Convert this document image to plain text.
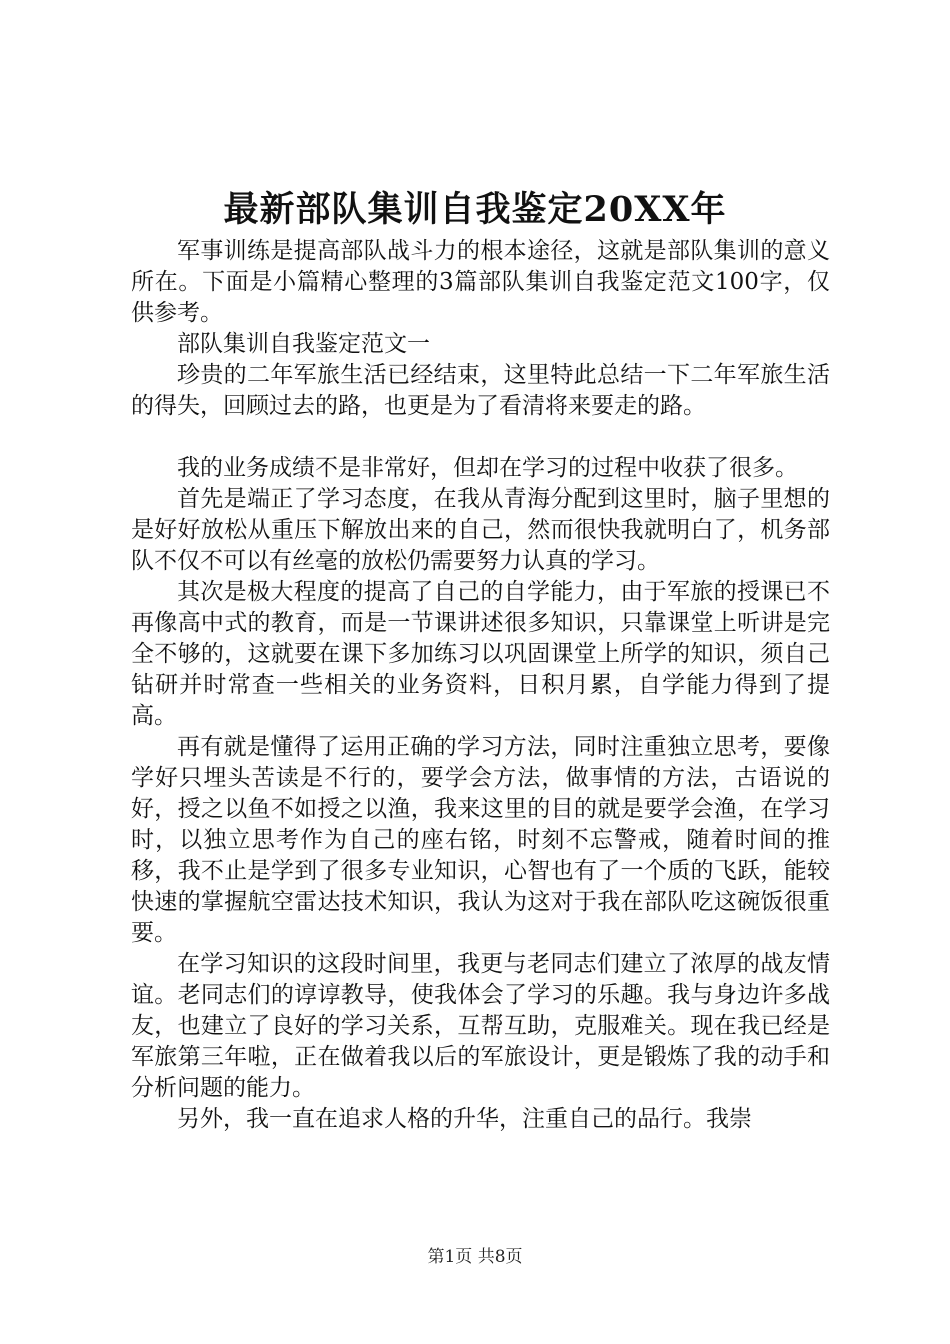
最新部队集训自我鉴定20XX年

军事训练是提高部队战斗力的根本途径，这就是部队集训的意义所在。下面是小篇精心整理的3篇部队集训自我鉴定范文100字，仅供参考。

部队集训自我鉴定范文一

珍贵的二年军旅生活已经结束，这里特此总结一下二年军旅生活的得失，回顾过去的路，也更是为了看清将来要走的路。

我的业务成绩不是非常好，但却在学习的过程中收获了很多。

首先是端正了学习态度，在我从青海分配到这里时，脑子里想的是好好放松从重压下解放出来的自己，然而很快我就明白了，机务部队不仅不可以有丝毫的放松仍需要努力认真的学习。

其次是极大程度的提高了自己的自学能力，由于军旅的授课已不再像高中式的教育，而是一节课讲述很多知识，只靠课堂上听讲是完全不够的，这就要在课下多加练习以巩固课堂上所学的知识，须自己钻研并时常查一些相关的业务资料，日积月累，自学能力得到了提高。

再有就是懂得了运用正确的学习方法，同时注重独立思考，要像学好只埋头苦读是不行的，要学会方法，做事情的方法，古语说的好，授之以鱼不如授之以渔，我来这里的目的就是要学会渔，在学习时，以独立思考作为自己的座右铭，时刻不忘警戒，随着时间的推移，我不止是学到了很多专业知识，心智也有了一个质的飞跃，能较快速的掌握航空雷达技术知识，我认为这对于我在部队吃这碗饭很重要。

在学习知识的这段时间里，我更与老同志们建立了浓厚的战友情谊。老同志们的谆谆教导，使我体会了学习的乐趣。我与身边许多战友，也建立了良好的学习关系，互帮互助，克服难关。现在我已经是军旅第三年啦，正在做着我以后的军旅设计，更是锻炼了我的动手和分析问题的能力。

另外，我一直在追求人格的升华，注重自己的品行。我崇

第1页 共8页
